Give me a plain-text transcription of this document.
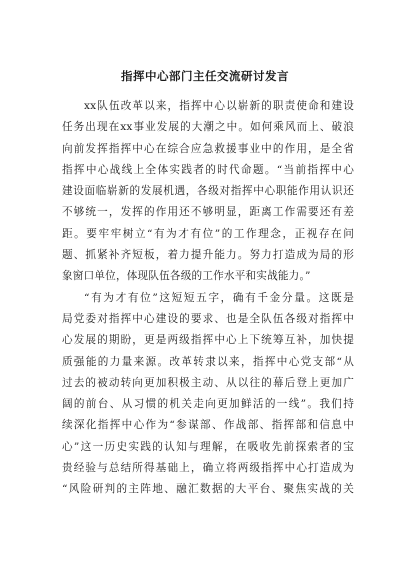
指挥中心部门主任交流研讨发言
xx队伍改革以来，指挥中心以崭新的职责使命和建设
任务出现在xx事业发展的大潮之中。如何乘风而上、破浪
向前发挥指挥中心在综合应急救援事业中的作用，是全省
指挥中心战线上全体实践者的时代命题。“当前指挥中心
建设面临崭新的发展机遇，各级对指挥中心职能作用认识还
不够统一，发挥的作用还不够明显，距离工作需要还有差
距。要牢牢树立“有为才有位”的工作理念，正视存在问
题、抓紧补齐短板，着力提升能力。努力打造成为局的形
象窗口单位，体现队伍各级的工作水平和实战能力。”
“有为才有位”这短短五字，确有千金分量。这既是
局党委对指挥中心建设的要求、也是全队伍各级对指挥中
心发展的期盼，更是两级指挥中心上下统筹互补，加快提
质强能的力量来源。改革转隶以来，指挥中心党支部“从
过去的被动转向更加积极主动、从以往的幕后登上更加广
阔的前台、从习惯的机关走向更加鲜活的一线”。我们持
续深化指挥中心作为“参谋部、作战部、指挥部和信息中
心”这一历史实践的认知与理解，在吸收先前探索者的宝
贵经验与总结所得基础上，确立将两级指挥中心打造成为
“风险研判的主阵地、融汇数据的大平台、聚焦实战的关
